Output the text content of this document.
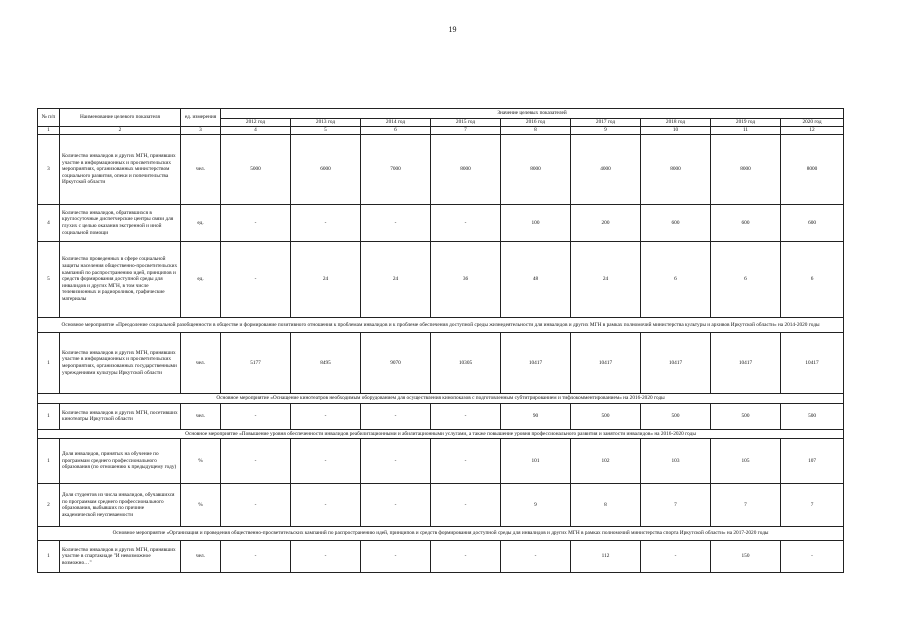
19
№ п/п	Наименование целевого показателя	ед. измерения	Значение целевых показателей								
			2012 год	2013 год	2014 год	2015 год	2016 год	2017 год	2018 год	2019 год	2020 год
1	2	3	4	5	6	7	8	9	10	11	12
3	Количество инвалидов и других МГН, принявших участие в информационных и просветительских мероприятиях, организованных министерством социального развития, опеки и попечительства Иркутской области	чел.	5000	6000	7000	8000	8000	4000	8000	8000	8000
4	Количество инвалидов, обратившихся в круглосуточные диспетчерские центры связи для глухих с целью оказания экстренной и иной социальной помощи	ед.	-	-	-	-	100	200	600	600	600
5	Количество проведенных в сфере социальной защиты населения общественно-просветительских кампаний по распространению идей, принципов и средств формирования доступной среды для инвалидов и других МГН, в том числе телевизионных и радиороликов, графические материалы	ед.	-	24	24	36	48	24	6	6	6
Основное мероприятие «Преодоление социальной разобщенности в обществе и формирование позитивного отношения к проблемам инвалидов и к проблеме обеспечения доступной среды жизнедеятельности для инвалидов и других МГН в рамках полномочий министерства культуры и архивов Иркутской области» на 2014-2020 годы											
1	Количество инвалидов и других МГН, принявших участие в информационных и просветительских мероприятиях, организованных государственными учреждениями культуры Иркутской области	чел.	5177	8495	9070	10305	10417	10417	10417	10417	10417
Основное мероприятие «Оснащение кинотеатров необходимым оборудованием для осуществления кинопоказов с подготовленным субтитрированием и тифлокомментированием» на 2016-2020 годы											
1	Количество инвалидов и других МГН, посетивших кинотеатры Иркутской области	чел.	-	-	-	-	90	500	500	500	500
Основное мероприятие «Повышение уровня обеспеченности инвалидов реабилитационными и абилитационными услугами, а также повышение уровня профессионального развития и занятости инвалидов» на 2016-2020 годы											
1	Доля инвалидов, принятых на обучение по программам среднего профессионального образования (по отношению к предыдущему году)	%	-	-	-	-	101	102	103	105	107
2	Доля студентов из числа инвалидов, обучавшихся по программам среднего профессионального образования, выбывших по причине академической неуспеваемости	%	-	-	-	-	9	8	7	7	7
Основное мероприятие «Организация и проведения общественно-просветительских кампаний по распространению идей, принципов и средств формирования доступной среды для инвалидов и других МГН в рамках полномочий министерства спорта Иркутской области» на 2017-2020 годы											
1	Количество инвалидов и других МГН, принявших участие в спартакиаде "И невозможное возможно…"	чел.	-	-	-	-	-	112	-	150	-
